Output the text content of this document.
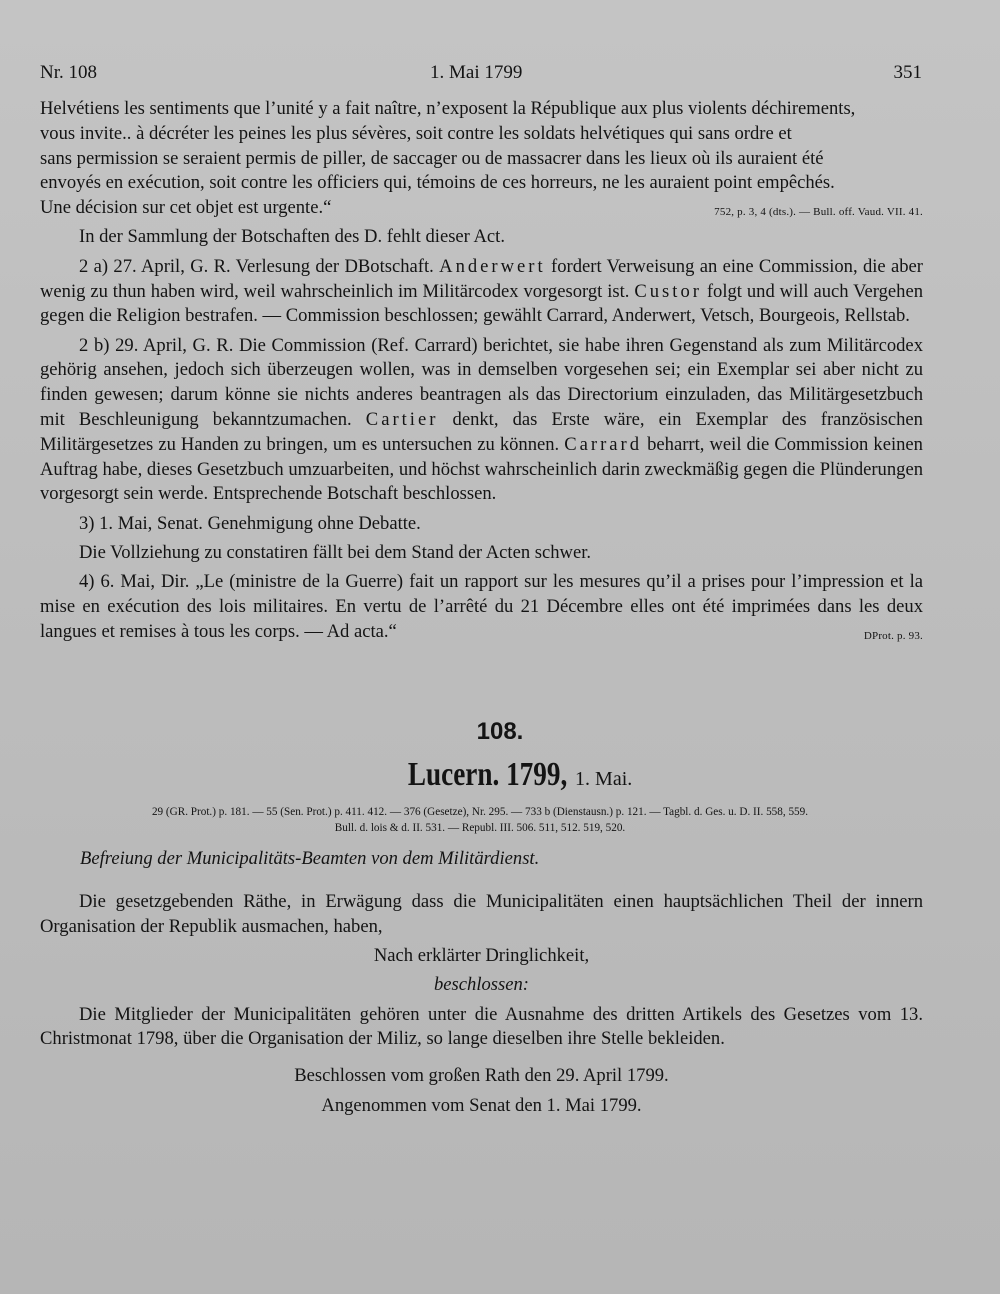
Nr. 108	1. Mai 1799	351

Helvétiens les sentiments que l’unité y a fait naître, n’exposent la République aux plus violents déchirements,

vous invite.. à décréter les peines les plus sévères, soit contre les soldats helvétiques qui sans ordre et

sans permission se seraient permis de piller, de saccager ou de massacrer dans les lieux où ils auraient été

envoyés en exécution, soit contre les officiers qui, témoins de ces horreurs, ne les auraient point empêchés.

Une décision sur cet objet est urgente.“	752, p. 3, 4 (dts.). — Bull. off. Vaud. VII. 41.

In der Sammlung der Botschaften des D. fehlt dieser Act.

2 a) 27. April, G. R. Verlesung der DBotschaft. Anderwert fordert Verweisung an eine Commission, die aber wenig zu thun haben wird, weil wahrscheinlich im Militärcodex vorgesorgt ist. Custor folgt und will auch Vergehen gegen die Religion bestrafen. — Commission beschlossen; gewählt Carrard, Anderwert, Vetsch, Bourgeois, Rellstab.

2 b) 29. April, G. R. Die Commission (Ref. Carrard) berichtet, sie habe ihren Gegenstand als zum Militärcodex gehörig ansehen, jedoch sich überzeugen wollen, was in demselben vorgesehen sei; ein Exemplar sei aber nicht zu finden gewesen; darum könne sie nichts anderes beantragen als das Directorium einzuladen, das Militärgesetzbuch mit Beschleunigung bekanntzumachen. Cartier denkt, das Erste wäre, ein Exemplar des französischen Militärgesetzes zu Handen zu bringen, um es untersuchen zu können. Carrard beharrt, weil die Commission keinen Auftrag habe, dieses Gesetzbuch umzuarbeiten, und höchst wahrscheinlich darin zweckmäßig gegen die Plünderungen vorgesorgt sein werde. Entsprechende Botschaft beschlossen.

3) 1. Mai, Senat. Genehmigung ohne Debatte.

Die Vollziehung zu constatiren fällt bei dem Stand der Acten schwer.

4) 6. Mai, Dir. „Le (ministre de la Guerre) fait un rapport sur les mesures qu’il a prises pour l’impression et la mise en exécution des lois militaires. En vertu de l’arrêté du 21 Décembre elles ont été imprimées dans les deux langues et remises à tous les corps. — Ad acta.“	DProt. p. 93.

108.
Lucern. 1799, 1. Mai.
29 (GR. Prot.) p. 181. — 55 (Sen. Prot.) p. 411. 412. — 376 (Gesetze), Nr. 295. — 733 b (Dienstausn.) p. 121. — Tagbl. d. Ges. u. D. II. 558, 559.
Bull. d. lois & d. II. 531. — Republ. III. 506. 511, 512. 519, 520.
Befreiung der Municipalitäts-Beamten von dem Militärdienst.

Die gesetzgebenden Räthe, in Erwägung dass die Municipalitäten einen hauptsächlichen Theil der innern Organisation der Republik ausmachen, haben,

Nach erklärter Dringlichkeit,

beschlossen:

Die Mitglieder der Municipalitäten gehören unter die Ausnahme des dritten Artikels des Gesetzes vom 13. Christmonat 1798, über die Organisation der Miliz, so lange dieselben ihre Stelle bekleiden.

Beschlossen vom großen Rath den 29. April 1799.

Angenommen vom Senat den 1. Mai 1799.
